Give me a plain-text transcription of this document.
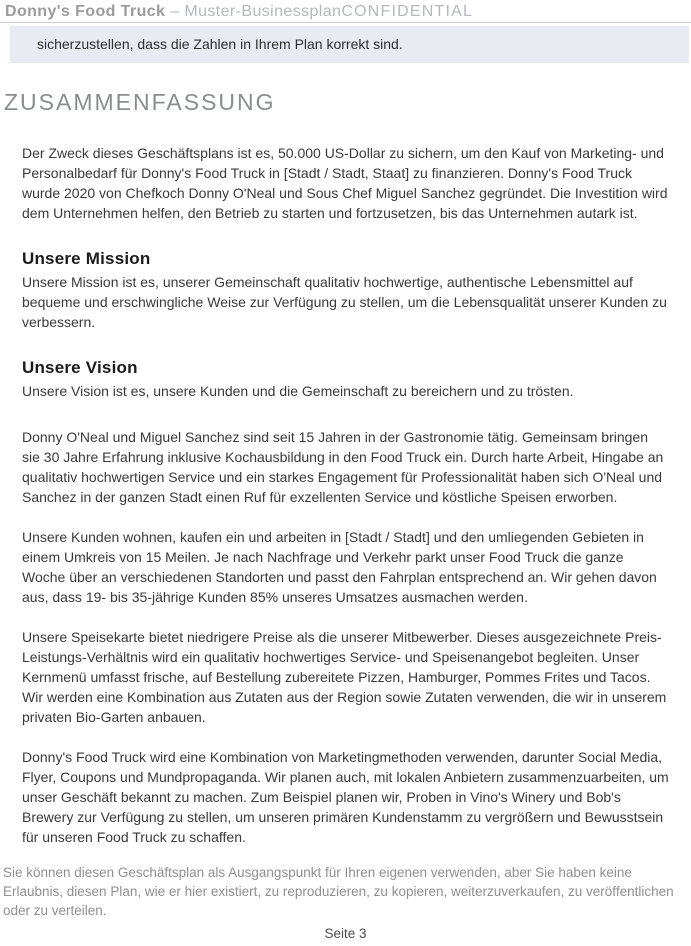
Donny's Food Truck – Muster-BusinessplanCONFIDENTIAL
sicherzustellen, dass die Zahlen in Ihrem Plan korrekt sind.
ZUSAMMENFASSUNG

Der Zweck dieses Geschäftsplans ist es, 50.000 US-Dollar zu sichern, um den Kauf von Marketing- und Personalbedarf für Donny's Food Truck in [Stadt / Stadt, Staat] zu finanzieren. Donny's Food Truck wurde 2020 von Chefkoch Donny O'Neal und Sous Chef Miguel Sanchez gegründet. Die Investition wird dem Unternehmen helfen, den Betrieb zu starten und fortzusetzen, bis das Unternehmen autark ist.

Unsere Mission

Unsere Mission ist es, unserer Gemeinschaft qualitativ hochwertige, authentische Lebensmittel auf bequeme und erschwingliche Weise zur Verfügung zu stellen, um die Lebensqualität unserer Kunden zu verbessern.

Unsere Vision

Unsere Vision ist es, unsere Kunden und die Gemeinschaft zu bereichern und zu trösten.

Donny O'Neal und Miguel Sanchez sind seit 15 Jahren in der Gastronomie tätig. Gemeinsam bringen sie 30 Jahre Erfahrung inklusive Kochausbildung in den Food Truck ein. Durch harte Arbeit, Hingabe an qualitativ hochwertigen Service und ein starkes Engagement für Professionalität haben sich O'Neal und Sanchez in der ganzen Stadt einen Ruf für exzellenten Service und köstliche Speisen erworben.

Unsere Kunden wohnen, kaufen ein und arbeiten in [Stadt / Stadt] und den umliegenden Gebieten in einem Umkreis von 15 Meilen. Je nach Nachfrage und Verkehr parkt unser Food Truck die ganze Woche über an verschiedenen Standorten und passt den Fahrplan entsprechend an. Wir gehen davon aus, dass 19- bis 35-jährige Kunden 85% unseres Umsatzes ausmachen werden.

Unsere Speisekarte bietet niedrigere Preise als die unserer Mitbewerber. Dieses ausgezeichnete Preis-Leistungs-Verhältnis wird ein qualitativ hochwertiges Service- und Speisenangebot begleiten. Unser Kernmenü umfasst frische, auf Bestellung zubereitete Pizzen, Hamburger, Pommes Frites und Tacos. Wir werden eine Kombination aus Zutaten aus der Region sowie Zutaten verwenden, die wir in unserem privaten Bio-Garten anbauen.

Donny's Food Truck wird eine Kombination von Marketingmethoden verwenden, darunter Social Media, Flyer, Coupons und Mundpropaganda. Wir planen auch, mit lokalen Anbietern zusammenzuarbeiten, um unser Geschäft bekannt zu machen. Zum Beispiel planen wir, Proben in Vino's Winery und Bob's Brewery zur Verfügung zu stellen, um unseren primären Kundenstamm zu vergrößern und Bewusstsein für unseren Food Truck zu schaffen.

Sie können diesen Geschäftsplan als Ausgangspunkt für Ihren eigenen verwenden, aber Sie haben keine Erlaubnis, diesen Plan, wie er hier existiert, zu reproduzieren, zu kopieren, weiterzuverkaufen, zu veröffentlichen oder zu verteilen.
Seite 3
